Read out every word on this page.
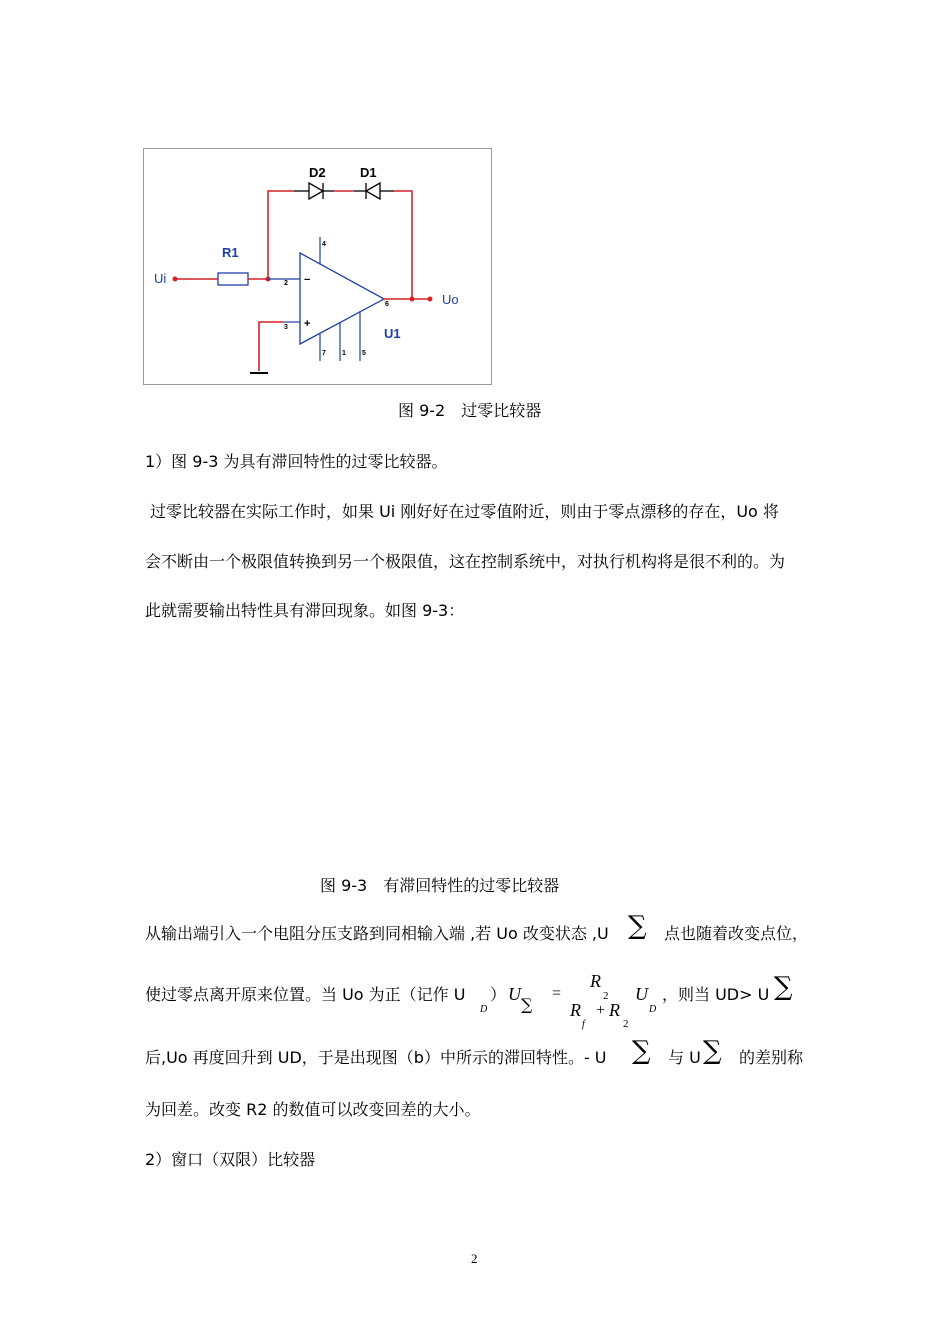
D2	D1
Ui
R1
−
+
U1
4
2
3
6
7 1 5
Uo
图 9-2　过零比较器
1）图 9-3 为具有滞回特性的过零比较器。
过零比较器在实际工作时，如果 Ui 刚好好在过零值附近，则由于零点漂移的存在，Uo 将
会不断由一个极限值转换到另一个极限值，这在控制系统中，对执行机构将是很不利的。为
此就需要输出特性具有滞回现象。如图 9-3：
图 9-3　有滞回特性的过零比较器
从输出端引入一个电阻分压支路到同相输入端 ,若 Uo 改变状态 ,U ∑ 点也随着改变点位，
使过零点离开原来位置。当 Uo 为正（记作 U
D
） U
∑
=
R
2
R
f
+ R
2
U
D
，则当 UD> U ∑
后,Uo 再度回升到 UD，于是出现图（b）中所示的滞回特性。- U ∑ 与 U ∑ 的差别称
为回差。改变 R2 的数值可以改变回差的大小。
2）窗口（双限）比较器
2
